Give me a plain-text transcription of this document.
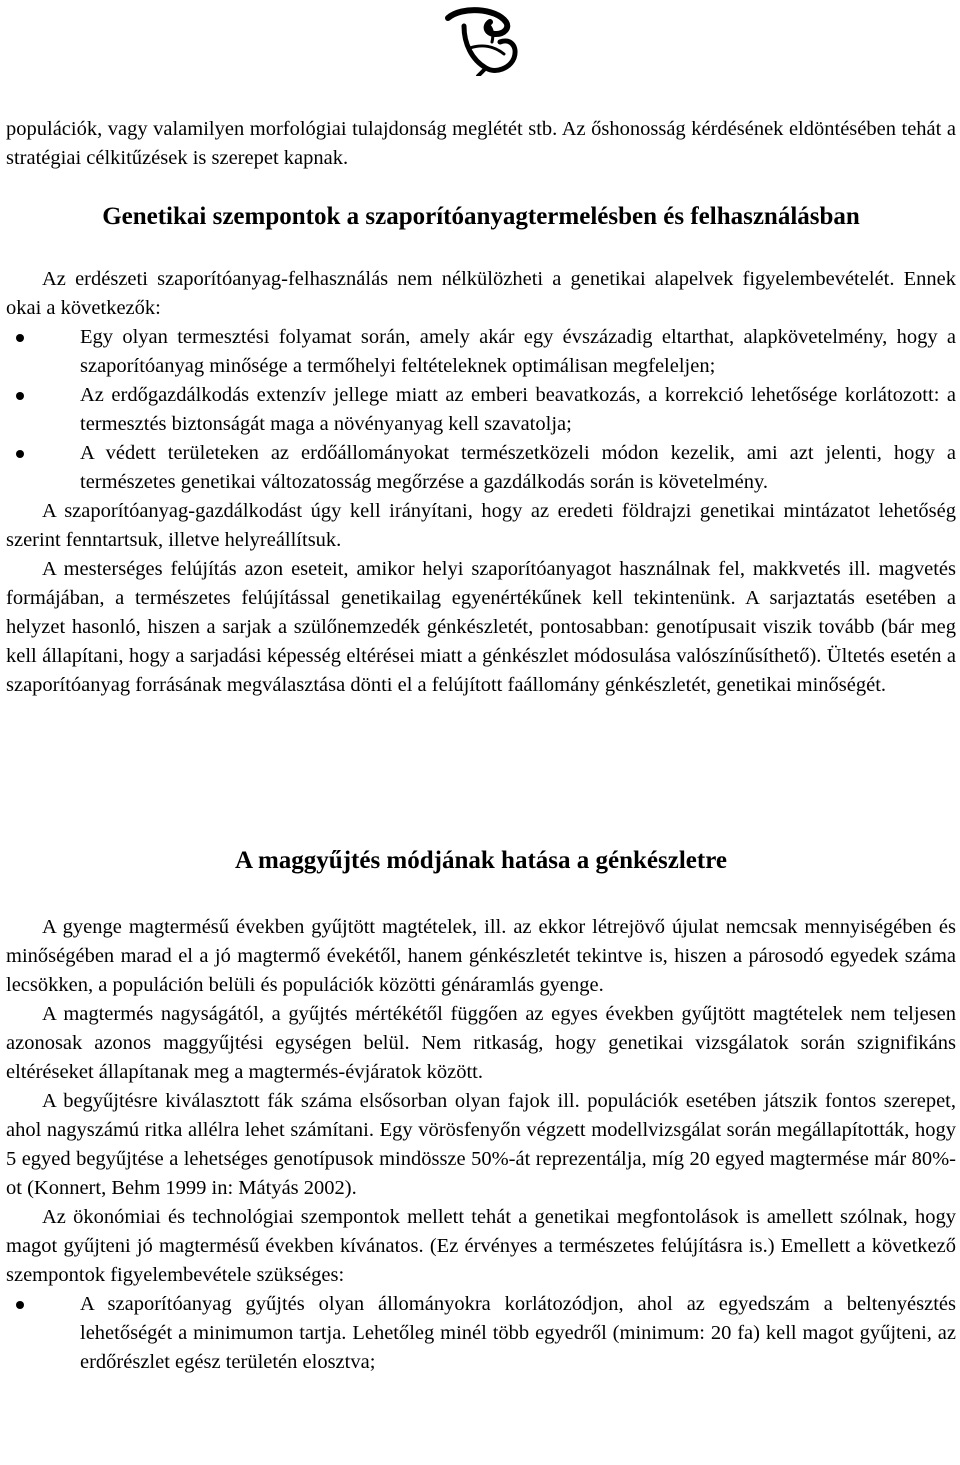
populációk, vagy valamilyen morfológiai tulajdonság meglétét stb. Az őshonosság kérdésének eldöntésében tehát a stratégiai célkitűzések is szerepet kapnak.

Genetikai szempontok a szaporítóanyagtermelésben és felhasználásban

Az erdészeti szaporítóanyag-felhasználás nem nélkülözheti a genetikai alapelvek figyelembevételét. Ennek okai a következők:

Egy olyan termesztési folyamat során, amely akár egy évszázadig eltarthat, alapkövetelmény, hogy a szaporítóanyag minősége a termőhelyi feltételeknek optimálisan megfeleljen;
Az erdőgazdálkodás extenzív jellege miatt az emberi beavatkozás, a korrekció lehetősége korlátozott: a termesztés biztonságát maga a növényanyag kell szavatolja;
A védett területeken az erdőállományokat természetközeli módon kezelik, ami azt jelenti, hogy a természetes genetikai változatosság megőrzése a gazdálkodás során is követelmény.

A szaporítóanyag-gazdálkodást úgy kell irányítani, hogy az eredeti földrajzi genetikai mintázatot lehetőség szerint fenntartsuk, illetve helyreállítsuk.

A mesterséges felújítás azon eseteit, amikor helyi szaporítóanyagot használnak fel, makkvetés ill. magvetés formájában, a természetes felújítással genetikailag egyenértékűnek kell tekintenünk. A sarjaztatás esetében a helyzet hasonló, hiszen a sarjak a szülőnemzedék génkészletét, pontosabban: genotípusait viszik tovább (bár meg kell állapítani, hogy a sarjadási képesség eltérései miatt a génkészlet módosulása valószínűsíthető). Ültetés esetén a szaporítóanyag forrásának megválasztása dönti el a felújított faállomány génkészletét, genetikai minőségét.

A maggyűjtés módjának hatása a génkészletre

A gyenge magtermésű években gyűjtött magtételek, ill. az ekkor létrejövő újulat nemcsak mennyiségében és minőségében marad el a jó magtermő évekétől, hanem génkészletét tekintve is, hiszen a párosodó egyedek száma lecsökken, a populáción belüli és populációk közötti génáramlás gyenge.

A magtermés nagyságától, a gyűjtés mértékétől függően az egyes években gyűjtött magtételek nem teljesen azonosak azonos maggyűjtési egységen belül. Nem ritkaság, hogy genetikai vizsgálatok során szignifikáns eltéréseket állapítanak meg a magtermés-évjáratok között.

A begyűjtésre kiválasztott fák száma elsősorban olyan fajok ill. populációk esetében játszik fontos szerepet, ahol nagyszámú ritka allélra lehet számítani. Egy vörösfenyőn végzett modellvizsgálat során megállapították, hogy 5 egyed begyűjtése a lehetséges genotípusok mindössze 50%-át reprezentálja, míg 20 egyed magtermése már 80%-ot (Konnert, Behm 1999 in: Mátyás 2002).

Az ökonómiai és technológiai szempontok mellett tehát a genetikai megfontolások is amellett szólnak, hogy magot gyűjteni jó magtermésű években kívánatos. (Ez érvényes a természetes felújításra is.) Emellett a következő szempontok figyelembevétele szükséges:

A szaporítóanyag gyűjtés olyan állományokra korlátozódjon, ahol az egyedszám a beltenyésztés lehetőségét a minimumon tartja. Lehetőleg minél több egyedről (minimum: 20 fa) kell magot gyűjteni, az erdőrészlet egész területén elosztva;
